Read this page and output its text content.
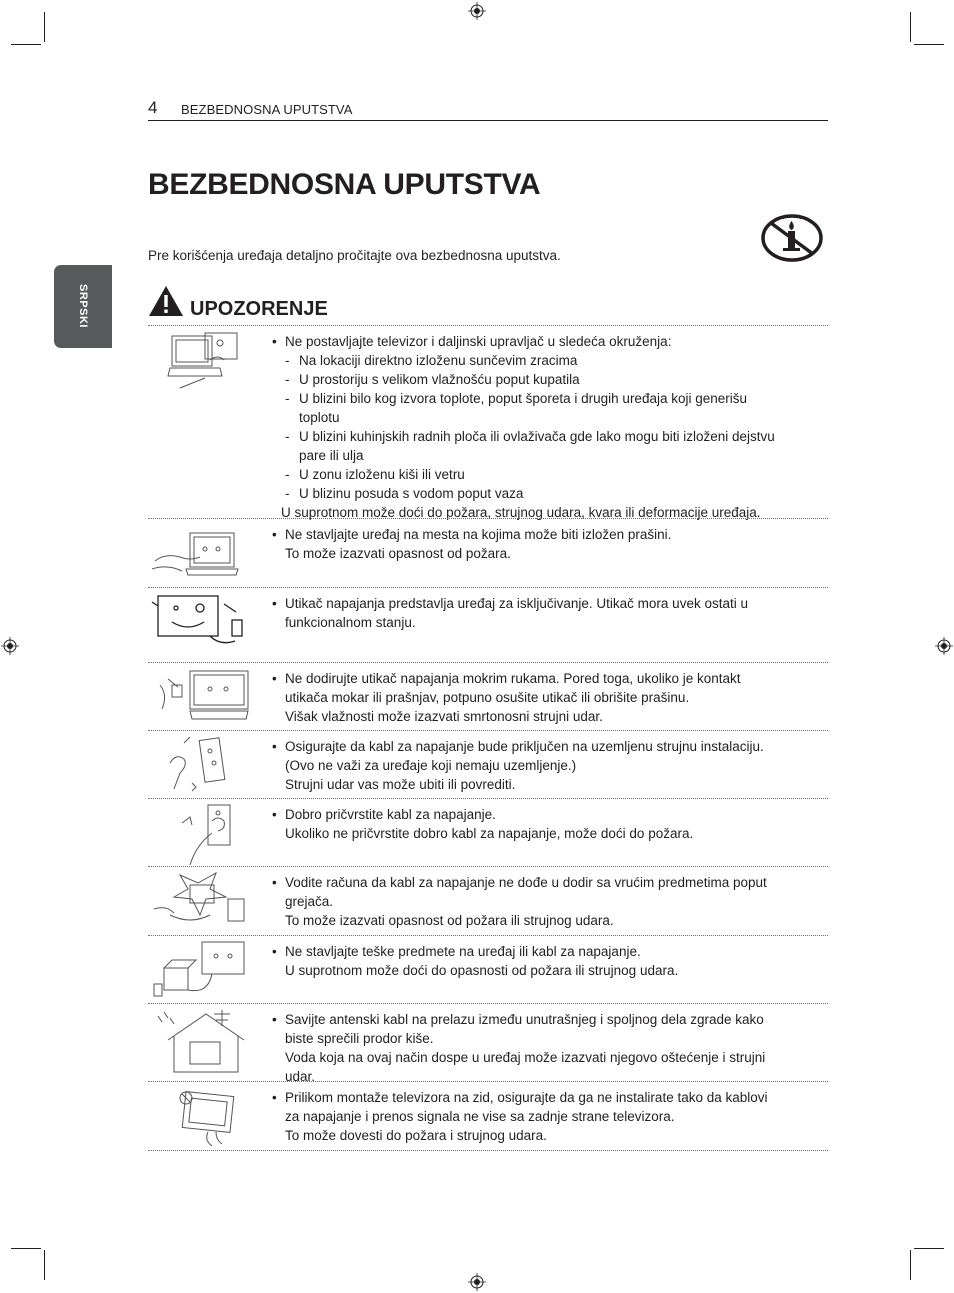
4 BEZBEDNOSNA UPUTSTVA
BEZBEDNOSNA UPUTSTVA

Pre korišćenja uređaja detaljno pročitajte ova bezbednosna uputstva.

SRPSKI	UPOZORENJE
• Ne postavljajte televizor i daljinski upravljač u sledeća okruženja:
- Na lokaciji direktno izloženu sunčevim zracima
- U prostoriju s velikom vlažnošću poput kupatila
- U blizini bilo kog izvora toplote, poput šporeta i drugih uređaja koji generišu
toplotu
- U blizini kuhinjskih radnih ploča ili ovlaživača gde lako mogu biti izloženi dejstvu
pare ili ulja
- U zonu izloženu kiši ili vetru
- U blizinu posuda s vodom poput vaza
U suprotnom može doći do požara, strujnog udara, kvara ili deformacije uređaja.
• Ne stavljajte uređaj na mesta na kojima može biti izložen prašini.
To može izazvati opasnost od požara.
• Utikač napajanja predstavlja uređaj za isključivanje. Utikač mora uvek ostati u
funkcionalnom stanju.
• Ne dodirujte utikač napajanja mokrim rukama. Pored toga, ukoliko je kontakt
utikača mokar ili prašnjav, potpuno osušite utikač ili obrišite prašinu.
Višak vlažnosti može izazvati smrtonosni strujni udar.
• Osigurajte da kabl za napajanje bude priključen na uzemljenu strujnu instalaciju.
(Ovo ne važi za uređaje koji nemaju uzemljenje.)
Strujni udar vas može ubiti ili povrediti.
• Dobro pričvrstite kabl za napajanje.
Ukoliko ne pričvrstite dobro kabl za napajanje, može doći do požara.
• Vodite računa da kabl za napajanje ne dođe u dodir sa vrućim predmetima poput
grejača.
To može izazvati opasnost od požara ili strujnog udara.
• Ne stavljajte teške predmete na uređaj ili kabl za napajanje.
U suprotnom može doći do opasnosti od požara ili strujnog udara.
• Savijte antenski kabl na prelazu između unutrašnjeg i spoljnog dela zgrade kako
biste sprečili prodor kiše.
Voda koja na ovaj način dospe u uređaj može izazvati njegovo oštećenje i strujni
udar.
• Prilikom montaže televizora na zid, osigurajte da ga ne instalirate tako da kablovi
za napajanje i prenos signala ne vise sa zadnje strane televizora.
To može dovesti do požara i strujnog udara.
